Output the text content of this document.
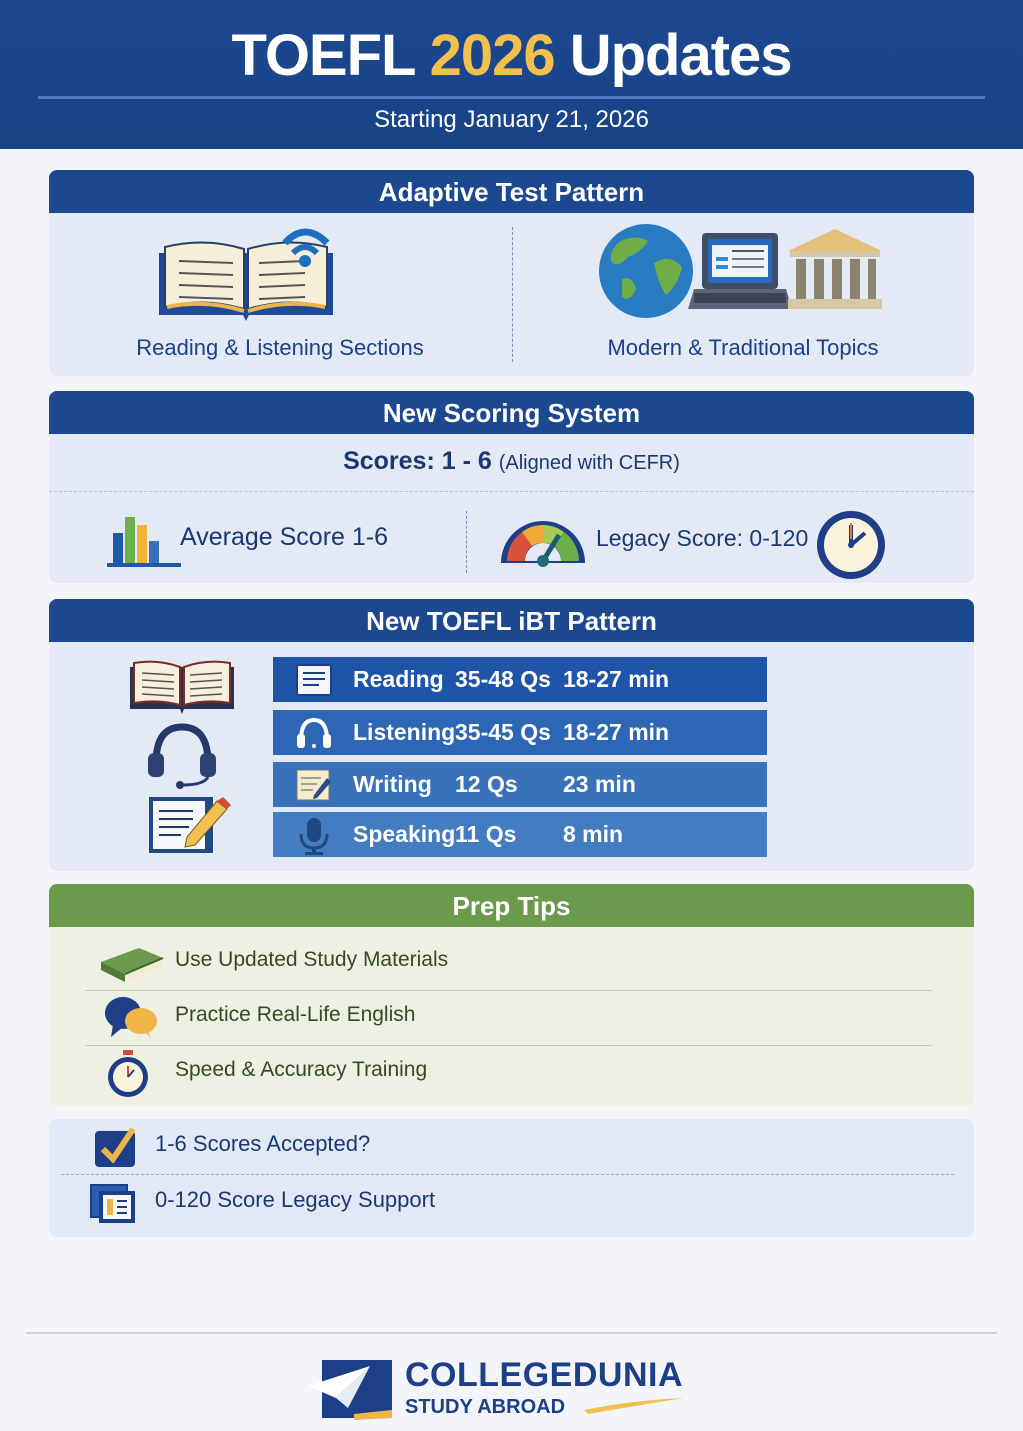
TOEFL 2026 Updates
Starting January 21, 2026
Adaptive Test Pattern
Reading & Listening Sections	Modern & Traditional Topics
New Scoring System
Scores: 1 - 6 (Aligned with CEFR)
Average Score 1-6	Legacy Score: 0-120
New TOEFL iBT Pattern
Reading 35-48 Qs 18-27 min
Listening 35-45 Qs 18-27 min
Writing 12 Qs 23 min
Speaking 11 Qs 8 min
Prep Tips
Use Updated Study Materials
Practice Real-Life English
Speed & Accuracy Training
1-6 Scores Accepted?
0-120 Score Legacy Support
COLLEGEDUNIA
STUDY ABROAD
